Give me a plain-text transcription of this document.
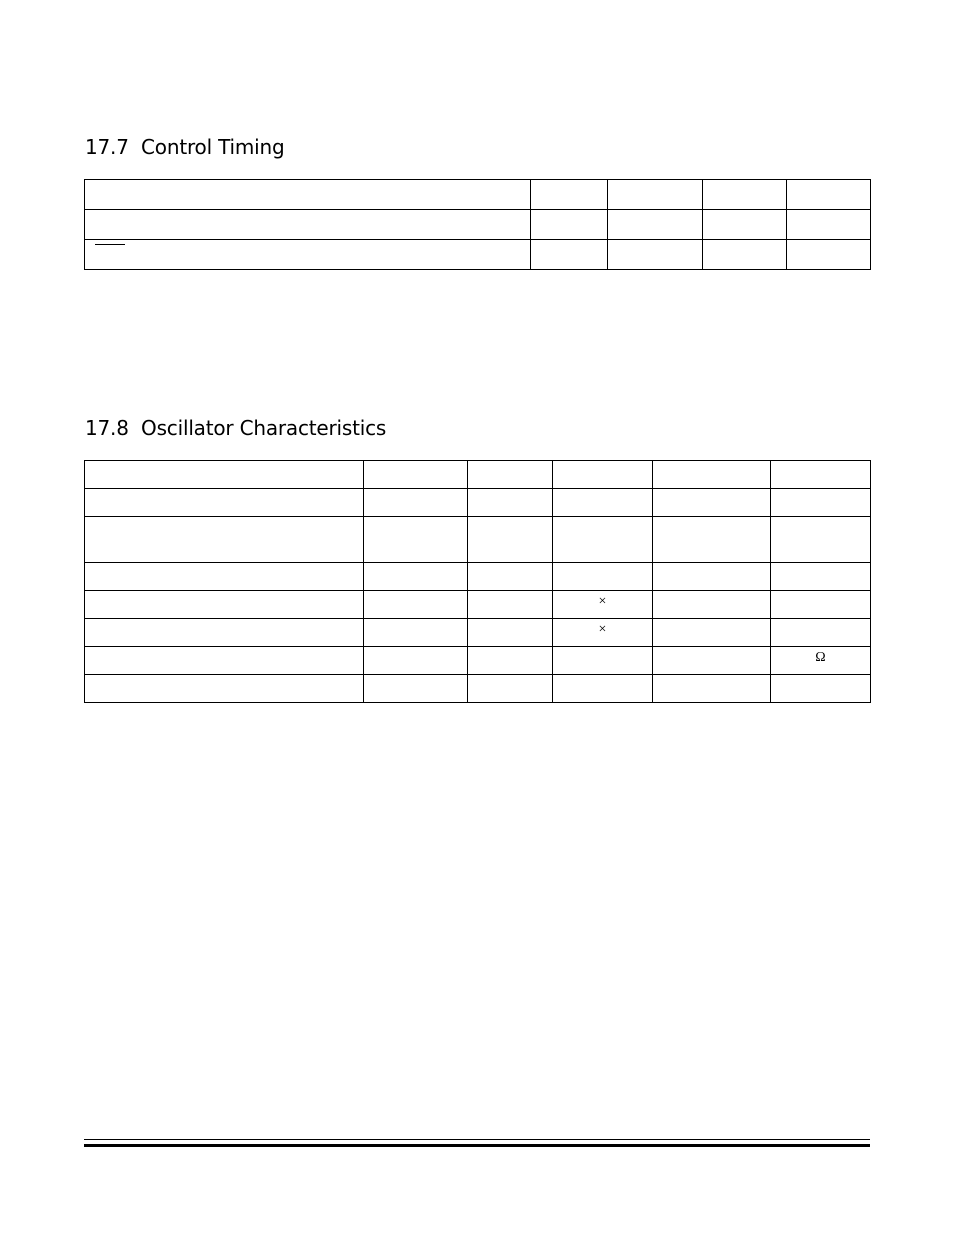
17.7  Control Timing

17.8  Oscillator Characteristics

			×		
			×		
					Ω
